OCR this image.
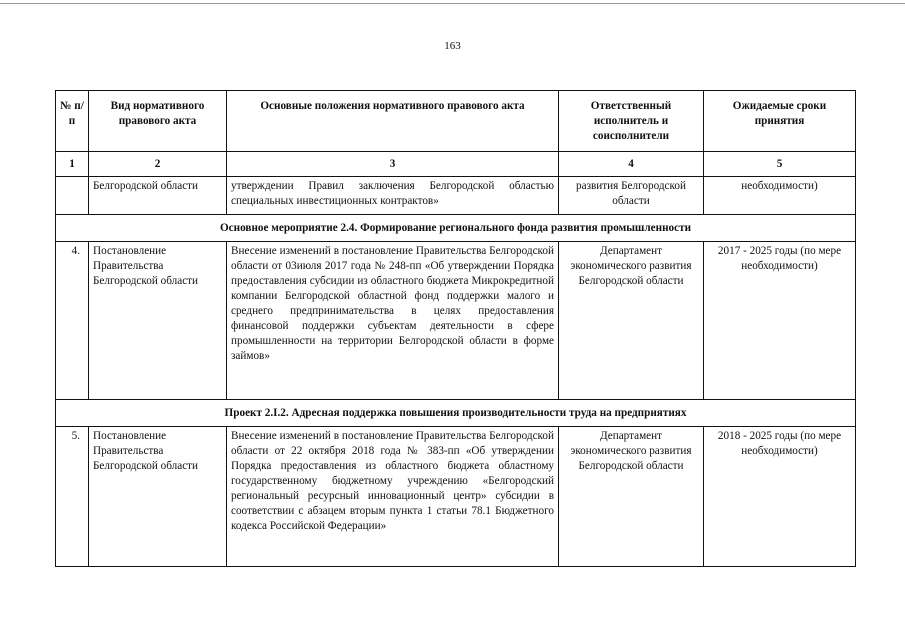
163
№ п/п	Вид нормативного правового акта	Основные положения нормативного правового акта	Ответственный исполнитель и соисполнители	Ожидаемые сроки принятия
1	2	3	4	5
	Белгородской области	утверждении Правил заключения Белгородской областью специальных инвестиционных контрактов»	развития Белгородской области	необходимости)
Основное мероприятие 2.4. Формирование регионального фонда развития промышленности				
4.	Постановление Правительства Белгородской области	Внесение изменений в постановление Правительства Белгородской области от 03июля 2017 года № 248-пп «Об утверждении Порядка предоставления субсидии из областного бюджета Микрокредитной компании Белгородской областной фонд поддержки малого и среднего предпринимательства в целях предоставления финансовой поддержки субъектам деятельности в сфере промышленности на территории Белгородской области в форме займов»	Департамент экономического развития Белгородской области	2017 - 2025 годы (по мере необходимости)
Проект 2.I.2. Адресная поддержка повышения производительности труда на предприятиях				
5.	Постановление Правительства Белгородской области	Внесение изменений в постановление Правительства Белгородской области от 22 октября 2018 года № 383-пп «Об утверждении Порядка предоставления из областного бюджета областному государственному бюджетному учреждению «Белгородский региональный ресурсный инновационный центр» субсидии в соответствии с абзацем вторым пункта 1 статьи 78.1 Бюджетного кодекса Российской Федерации»	Департамент экономического развития Белгородской области	2018 - 2025 годы (по мере необходимости)
